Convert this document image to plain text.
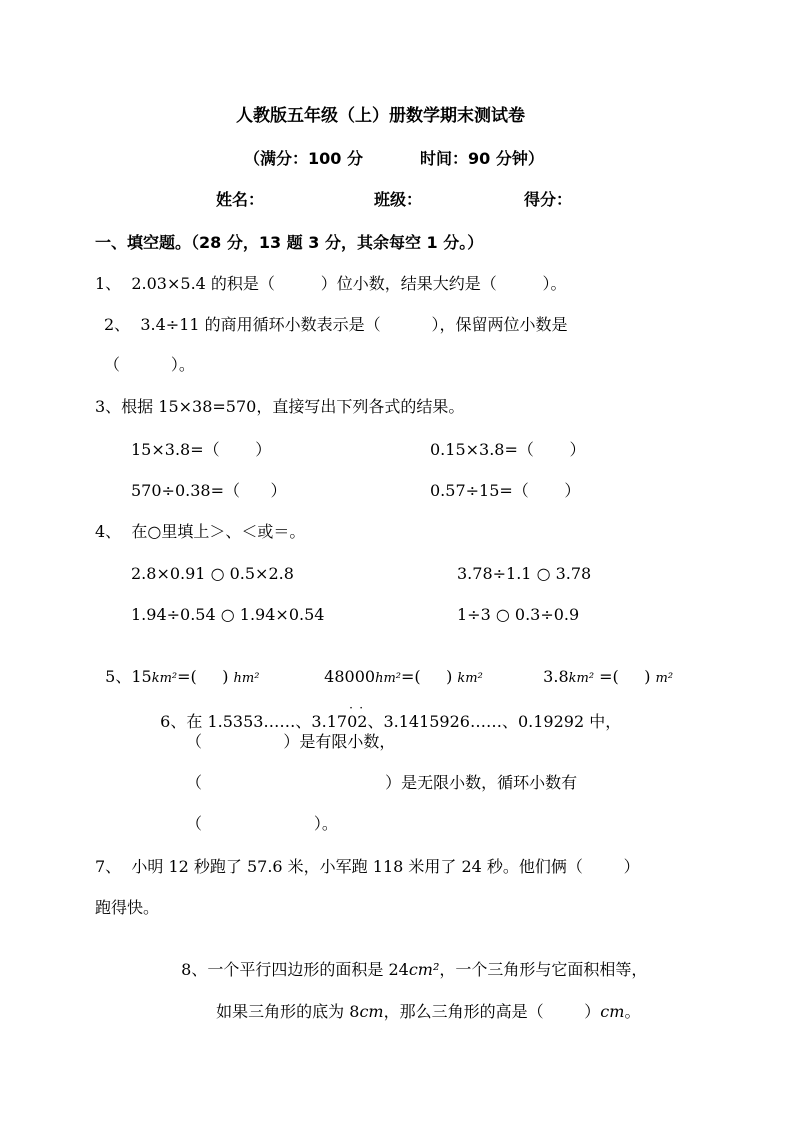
人教版五年级（上）册数学期末测试卷
（满分：100 分	时间：90 分钟）
姓名：	班级：	得分：
一、填空题。（28 分，13 题 3 分，其余每空 1 分。）
1、  2.03×5.4 的积是（         ）位小数，结果大约是（         ）。
2、  3.4÷11 的商用循环小数表示是（          ），保留两位小数是
（          ）。
3、根据 15×38=570，直接写出下列各式的结果。
15×3.8=（       ）	0.15×3.8=（       ）
570÷0.38=（      ）	0.57÷15=（       ）
4、  在○里填上＞、＜或＝。
2.8×0.91 ○ 0.5×2.8	3.78÷1.1 ○ 3.78
1.94÷0.54 ○ 1.94×0.54	1÷3 ○ 0.3÷0.9

5、15km²=(     ) hm²	48000hm²=(     ) km²	3.8km² =(     ) m²

6、在 1.5353……、3.17
·
0
·
2、3.1415926……、0.19292 中，

（                ）是有限小数，
（                                    ）是无限小数，循环小数有
（                      ）。
7、  小明 12 秒跑了 57.6 米，小军跑 118 米用了 24 秒。他们俩（        ）
跑得快。

8、一个平行四边形的面积是 24cm²，一个三角形与它面积相等，

如果三角形的底为 8cm，那么三角形的高是（        ）cm。
